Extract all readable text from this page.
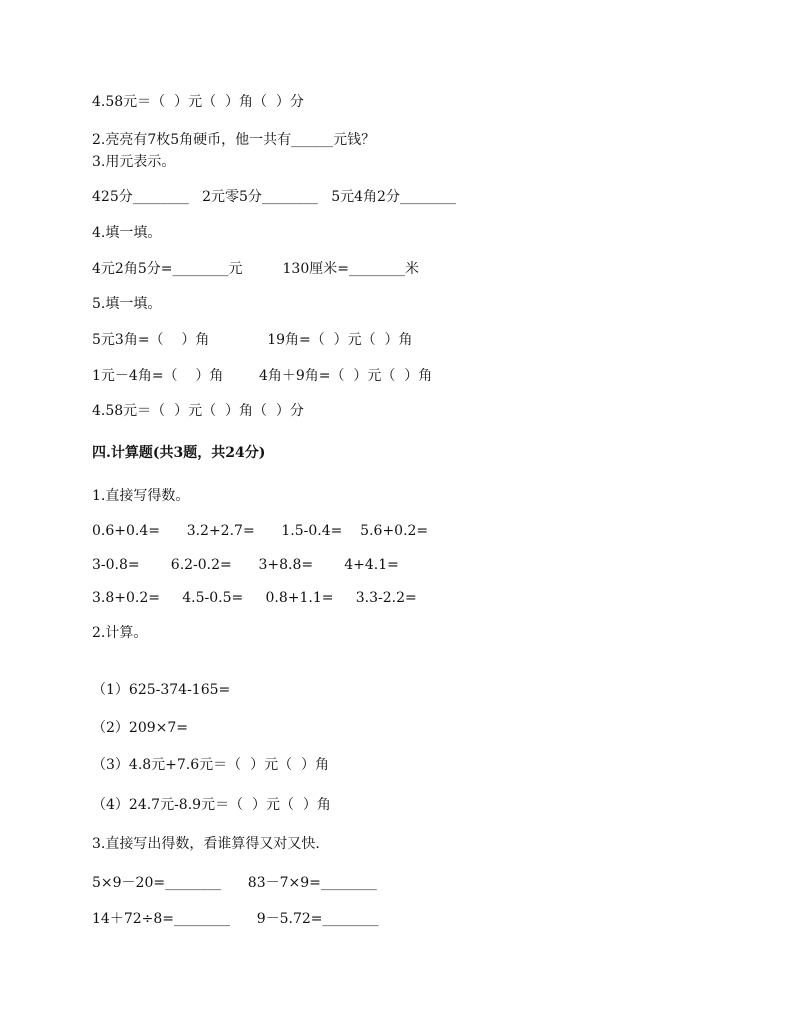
4.58元＝（  ）元（  ）角（  ）分
2.亮亮有7枚5角硬币，他一共有______元钱？
3.用元表示。
425分________   2元零5分________   5元4角2分________
4.填一填。
4元2角5分=________元         130厘米=________米
5.填一填。
5元3角=（    ）角             19角=（  ）元（  ）角
1元－4角=（    ）角        4角＋9角=（  ）元（  ）角
4.58元＝（  ）元（  ）角（  ）分
四.计算题(共3题，共24分)
1.直接写得数。
0.6+0.4=      3.2+2.7=      1.5-0.4=    5.6+0.2=
3-0.8=       6.2-0.2=      3+8.8=       4+4.1=
3.8+0.2=     4.5-0.5=     0.8+1.1=     3.3-2.2=
2.计算。
（1）625-374-165=
（2）209×7=
（3）4.8元+7.6元＝（  ）元（  ）角
（4）24.7元-8.9元＝（  ）元（  ）角
3.直接写出得数，看谁算得又对又快.
5×9－20=________      83－7×9=________
14＋72÷8=________      9－5.72=________
